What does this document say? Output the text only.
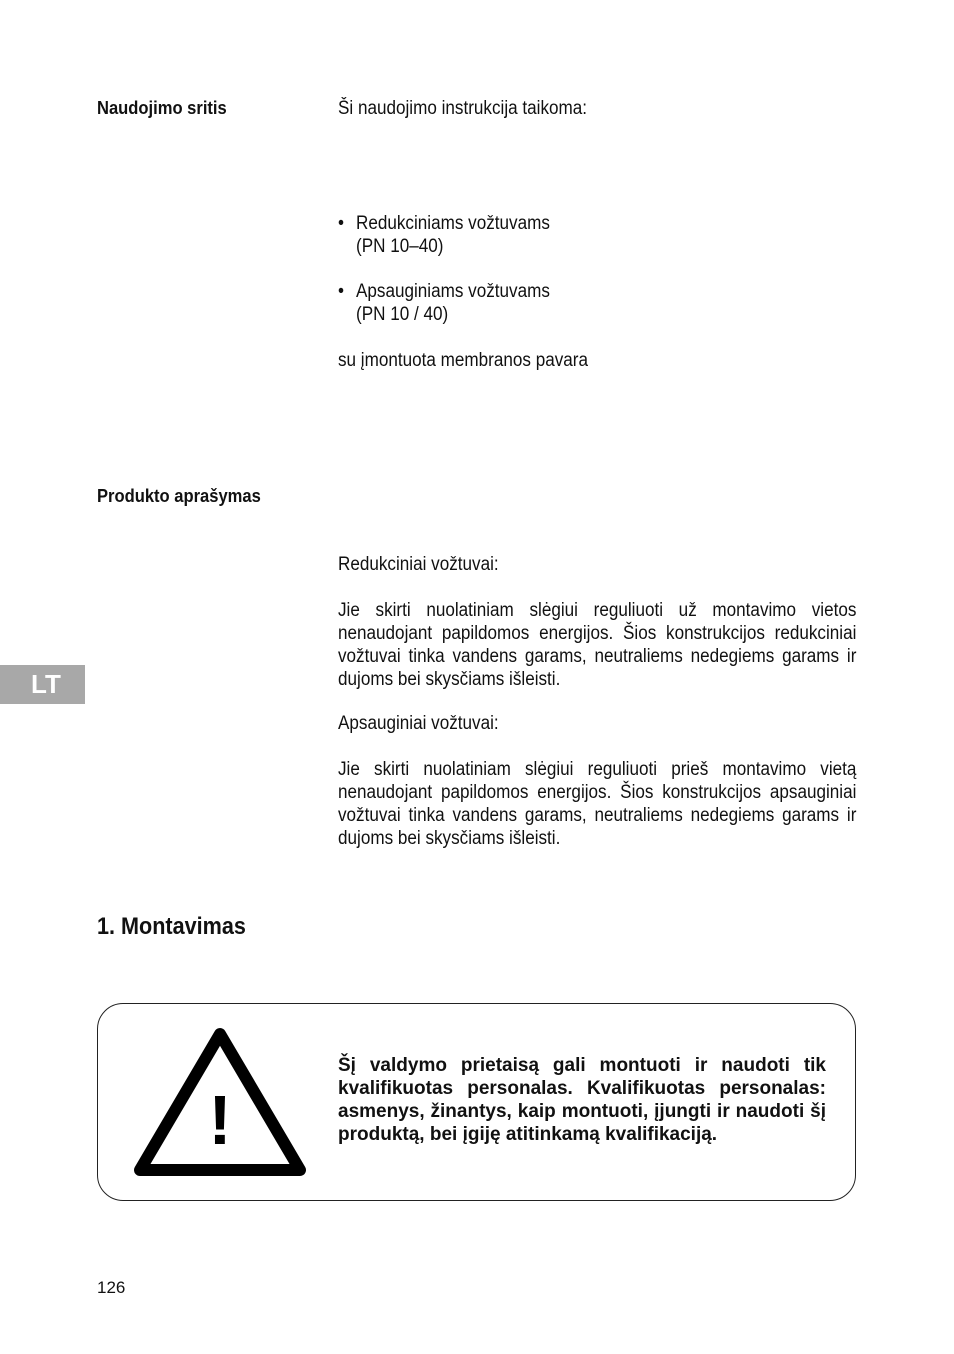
Naudojimo sritis	Ši naudojimo instrukcija taikoma:
• Redukciniams vožtuvams
(PN 10–40)
• Apsauginiams vožtuvams
(PN 10 / 40)
su įmontuota membranos pavara
Produkto aprašymas
Redukciniai vožtuvai:
Jie skirti nuolatiniam slėgiui reguliuoti už montavimo vietos nenaudojant papildomos energijos. Šios konstrukcijos redukciniai vožtuvai tinka vandens garams, neutraliems nedegiems garams ir dujoms bei skysčiams išleisti.
Apsauginiai vožtuvai:
Jie skirti nuolatiniam slėgiui reguliuoti prieš montavimo vietą nenaudojant papildomos energijos. Šios konstrukcijos apsauginiai vožtuvai tinka vandens garams, neutraliems nedegiems garams ir dujoms bei skysčiams išleisti.
LT
1. Montavimas
!
Šį valdymo prietaisą gali montuoti ir naudoti tik kvalifikuotas personalas. Kvalifikuotas personalas: asmenys, žinantys, kaip montuoti, įjungti ir naudoti šį produktą, bei įgiję atitinkamą kvalifikaciją.
126
